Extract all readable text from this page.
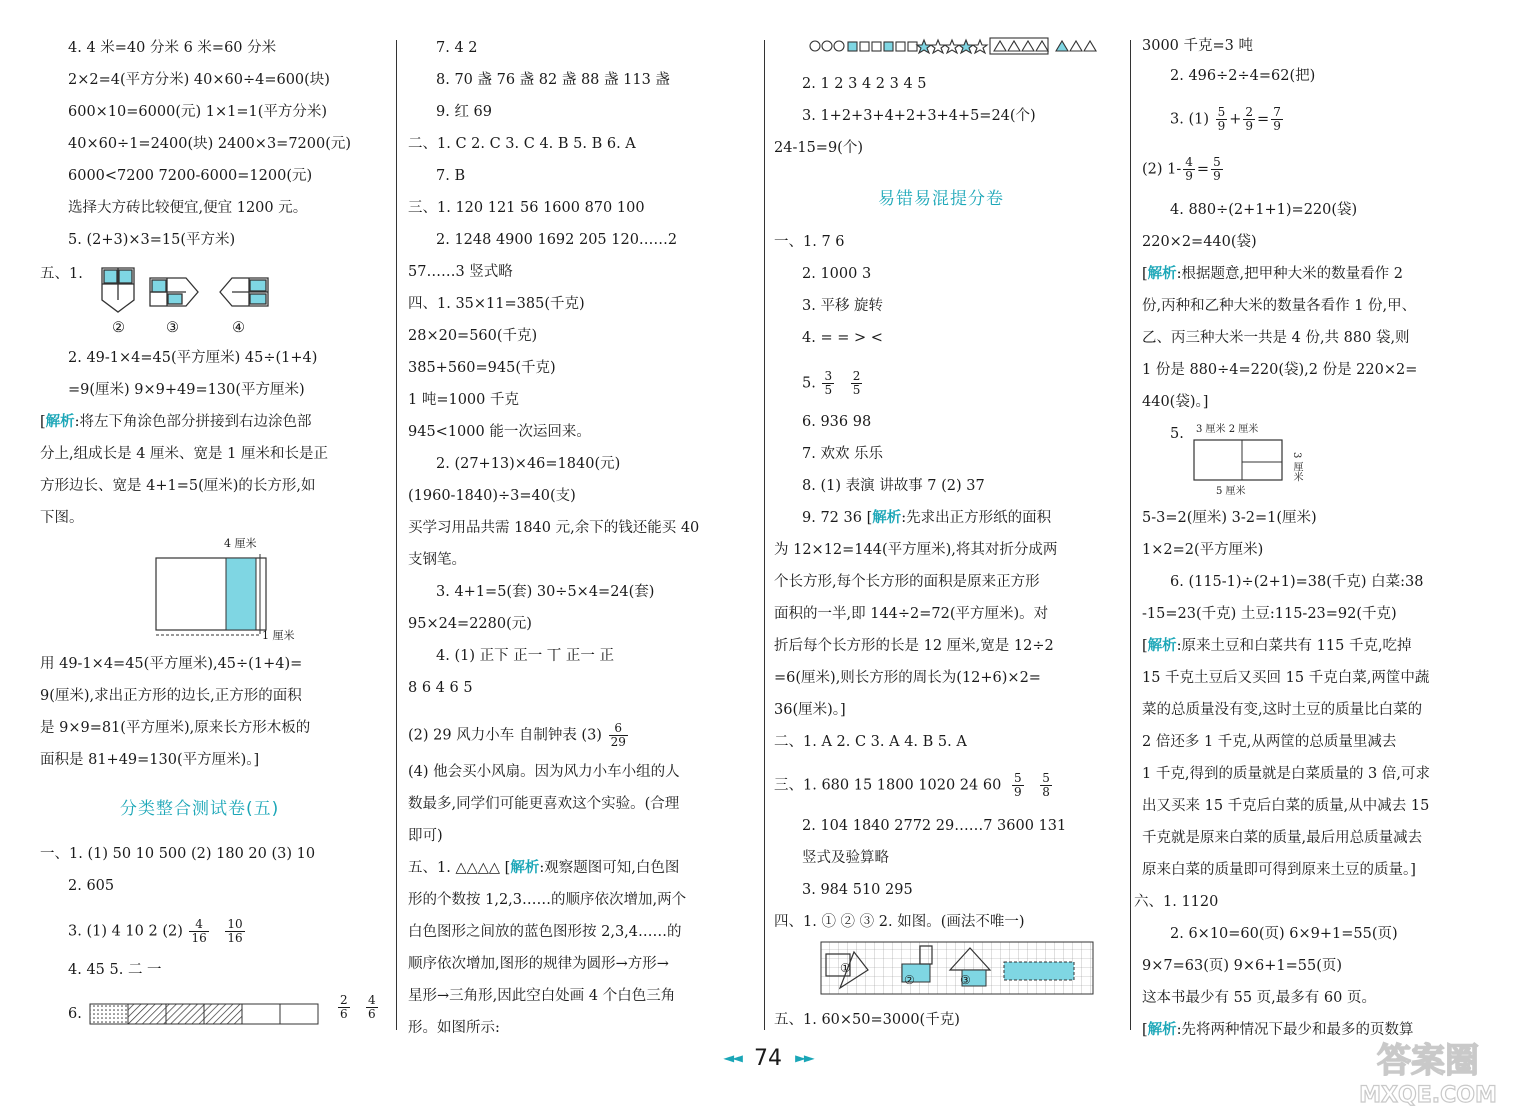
4. 4 米=40 分米 6 米=60 分米
2×2=4(平方分米) 40×60÷4=600(块)
600×10=6000(元) 1×1=1(平方分米)
40×60÷1=2400(块) 2400×3=7200(元)
6000<7200 7200-6000=1200(元)
选择大方砖比较便宜,便宜 1200 元。
5. (2+3)×3=15(平方米)
五、1.
②	③	④
2. 49-1×4=45(平方厘米) 45÷(1+4)
=9(厘米) 9×9+49=130(平方厘米)
[解析:将左下角涂色部分拼接到右边涂色部
分上,组成长是 4 厘米、宽是 1 厘米和长是正
方形边长、宽是 4+1=5(厘米)的长方形,如
下图。
4 厘米
1 厘米
用 49-1×4=45(平方厘米),45÷(1+4)=
9(厘米),求出正方形的边长,正方形的面积
是 9×9=81(平方厘米),原来长方形木板的
面积是 81+49=130(平方厘米)。]
分类整合测试卷(五)
一、1. (1) 50 10 500 (2) 180 20 (3) 10
2. 605
3. (1) 4 10 2 $(2) \frac{4}{16}$
$\frac{10}{16}$
4. 45 5. 二 一
6.	$\frac{2}{6} \frac{4}{6}$
7. 4 2
8. 70 盏 76 盏 82 盏 88 盏 113 盏
9. 红 69
二、1. C 2. C 3. C 4. B 5. B 6. A
7. B
三、1. 120 121 56 1600 870 100
2. 1248 4900 1692 205 120……2
57……3 竖式略
四、1. 35×11=385(千克)
28×20=560(千克)
385+560=945(千克)
1 吨=1000 千克
945<1000 能一次运回来。
2. (27+13)×46=1840(元)
(1960-1840)÷3=40(支)
买学习用品共需 1840 元,余下的钱还能买 40
支钢笔。
3. 4+1=5(套) 30÷5×4=24(套)
95×24=2280(元)
4. (1) 正下 正一 丅 正一 正
8 6 4 6 5
(2) 29 风力小车 自制钟表 $(3) \frac{6}{29}$
(4) 他会买小风扇。因为风力小车小组的人
数最多,同学们可能更喜欢这个实验。(合理
即可)
五、1. △△△△ [解析:观察题图可知,白色图
形的个数按 1,2,3……的顺序依次增加,两个
白色图形之间放的蓝色图形按 2,3,4……的
顺序依次增加,图形的规律为圆形→方形→
星形→三角形,因此空白处画 4 个白色三角
形。如图所示:
2. 1 2 3 4 2 3 4 5
3. 1+2+3+4+2+3+4+5=24(个)
24-15=9(个)
易错易混提分卷
一、1. 7 6
2. 1000 3
3. 平移 旋转
4. = = > <
5. $\frac{3}{5}$
$\frac{2}{5}$
6. 936 98
7. 欢欢 乐乐
8. (1) 表演 讲故事 7 (2) 37
9. 72 36 [解析:先求出正方形纸的面积
为 12×12=144(平方厘米),将其对折分成两
个长方形,每个长方形的面积是原来正方形
面积的一半,即 144÷2=72(平方厘米)。对
折后每个长方形的长是 12 厘米,宽是 12÷2
=6(厘米),则长方形的周长为(12+6)×2=
36(厘米)。]
二、1. A 2. C 3. A 4. B 5. A
三、1. 680 15 1800 1020 24 $60 \frac{5}{9}$
$\frac{5}{8}$
2. 104 1840 2772 29……7 3600 131
竖式及验算略
3. 984 510 295
四、1. ① ② ③ 2. 如图。(画法不唯一)
①
②	③
五、1. 60×50=3000(千克)
3000 千克=3 吨
2. 496÷2÷4=62(把)
3. $(1) \frac{5}{9} + \frac{2}{9} = \frac{7}{9}$
(2) $1- \frac{4}{9} = \frac{5}{9}$
4. 880÷(2+1+1)=220(袋)
220×2=440(袋)
[解析:根据题意,把甲种大米的数量看作 2
份,丙种和乙种大米的数量各看作 1 份,甲、
乙、丙三种大米一共是 4 份,共 880 袋,则
1 份是 880÷4=220(袋),2 份是 220×2=
440(袋)。]
5. 3 厘米 2 厘米
3 厘米
5 厘米
5-3=2(厘米) 3-2=1(厘米)
1×2=2(平方厘米)
6. (115-1)÷(2+1)=38(千克) 白菜:38
-15=23(千克) 土豆:115-23=92(千克)
[解析:原来土豆和白菜共有 115 千克,吃掉
15 千克土豆后又买回 15 千克白菜,两筐中蔬
菜的总质量没有变,这时土豆的质量比白菜的
2 倍还多 1 千克,从两筐的总质量里减去
1 千克,得到的质量就是白菜质量的 3 倍,可求
出又买来 15 千克后白菜的质量,从中减去 15
千克就是原来白菜的质量,最后用总质量减去
原来白菜的质量即可得到原来土豆的质量。]
六、1. 1120
2. 6×10=60(页) 6×9+1=55(页)
9×7=63(页) 9×6+1=55(页)
这本书最少有 55 页,最多有 60 页。
[解析:先将两种情况下最少和最多的页数算
◄◄ 74 ►►	答案圈
MXQE.COM
